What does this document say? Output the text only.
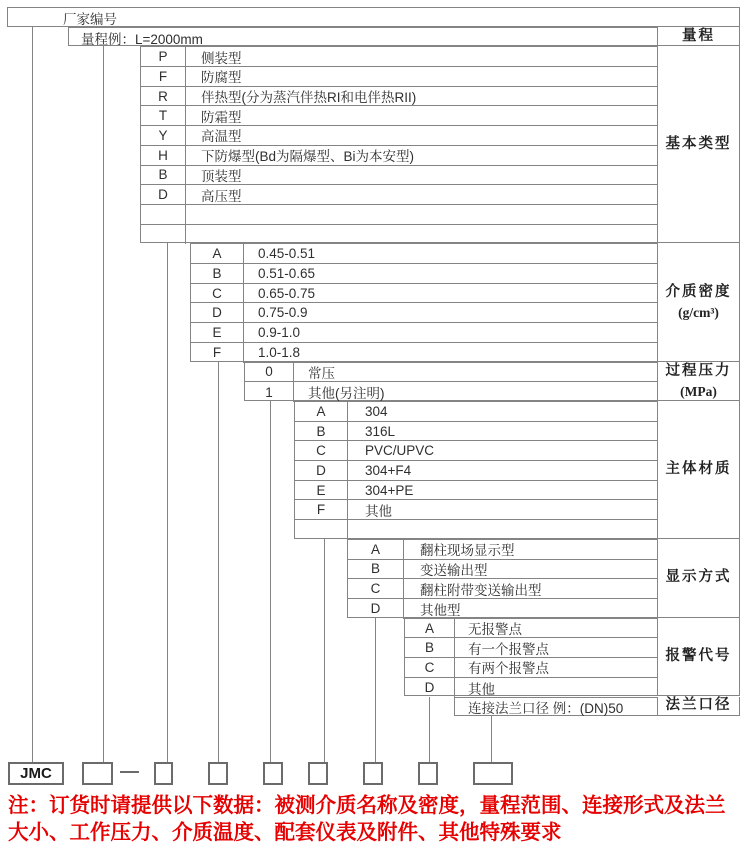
注：订货时请提供以下数据：被测介质名称及密度，量程范围、连接形式及法兰
大小、工作压力、介质温度、配套仪表及附件、其他特殊要求
厂家编号
量程例：L=2000mm	量程
P	侧装型
F	防腐型
R	伴热型(分为蒸汽伴热RI和电伴热RII)
T	防霜型
Y	高温型
H	下防爆型(Bd为隔爆型、Bi为本安型)
B	顶装型
D	高压型
基本类型
A	0.45-0.51
B	0.51-0.65
C	0.65-0.75
D	0.75-0.9
E	0.9-1.0
F	1.0-1.8
介质密度
(g/cm³)
0	常压
1	其他(另注明)
过程压力
(MPa)
A	304
B	316L
C	PVC/UPVC
D	304+F4
E	304+PE
F	其他
主体材质
A	翻柱现场显示型
B	变送输出型
C	翻柱附带变送输出型
D	其他型
显示方式
A	无报警点
B	有一个报警点
C	有两个报警点
D	其他
报警代号
连接法兰口径 例：(DN)50	法兰口径
JMC
